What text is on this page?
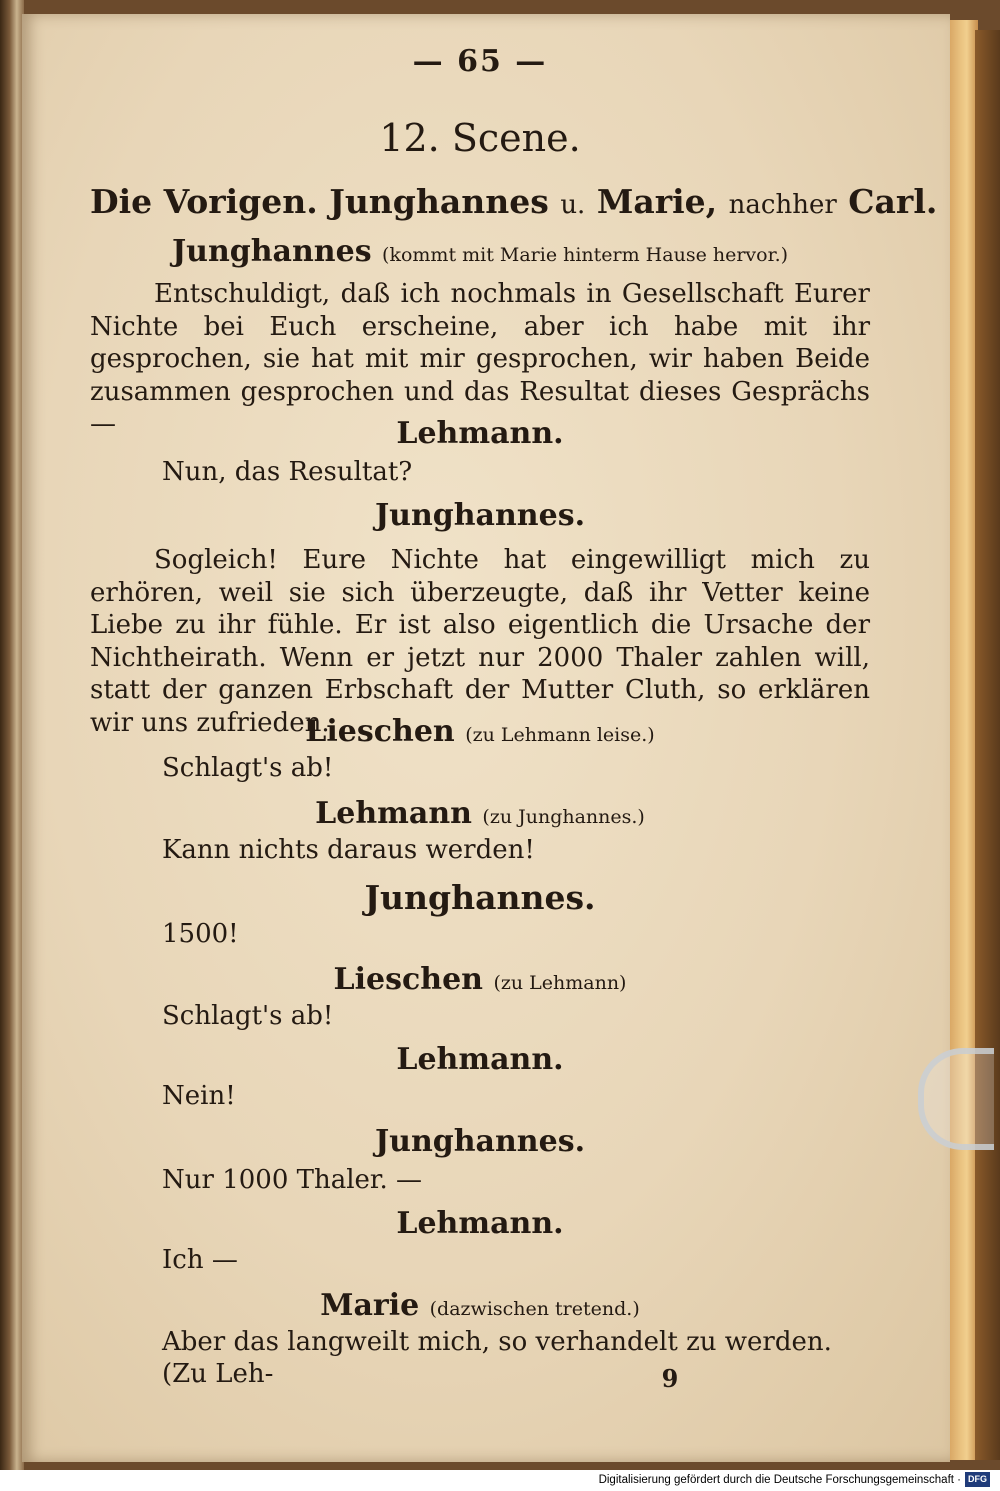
— 65 —
12. Scene.
Die Vorigen. Junghannes u. Marie, nachher Carl.
Junghannes (kommt mit Marie hinterm Hause hervor.)
Entschuldigt, daß ich nochmals in Gesellschaft Eurer Nichte bei Euch erscheine, aber ich habe mit ihr gesprochen, sie hat mit mir gesprochen, wir haben Beide zusammen gesprochen und das Resultat dieses Gesprächs —	Lehmann.
Nun, das Resultat?
Junghannes.
Sogleich! Eure Nichte hat eingewilligt mich zu erhören, weil sie sich überzeugte, daß ihr Vetter keine Liebe zu ihr fühle. Er ist also eigentlich die Ursache der Nichtheirath. Wenn er jetzt nur 2000 Thaler zahlen will, statt der ganzen Erbschaft der Mutter Cluth, so erklären wir uns zufrieden.
Lieschen (zu Lehmann leise.)
Schlagt's ab!
Lehmann (zu Junghannes.)
Kann nichts daraus werden!
Junghannes.
1500!
Lieschen (zu Lehmann)
Schlagt's ab!
Lehmann.
Nein!
Junghannes.
Nur 1000 Thaler. —
Lehmann.
Ich —
Marie (dazwischen tretend.)
Aber das langweilt mich, so verhandelt zu werden. (Zu Leh-	9
Digitalisierung gefördert durch die Deutsche Forschungsgemeinschaft · DFG
